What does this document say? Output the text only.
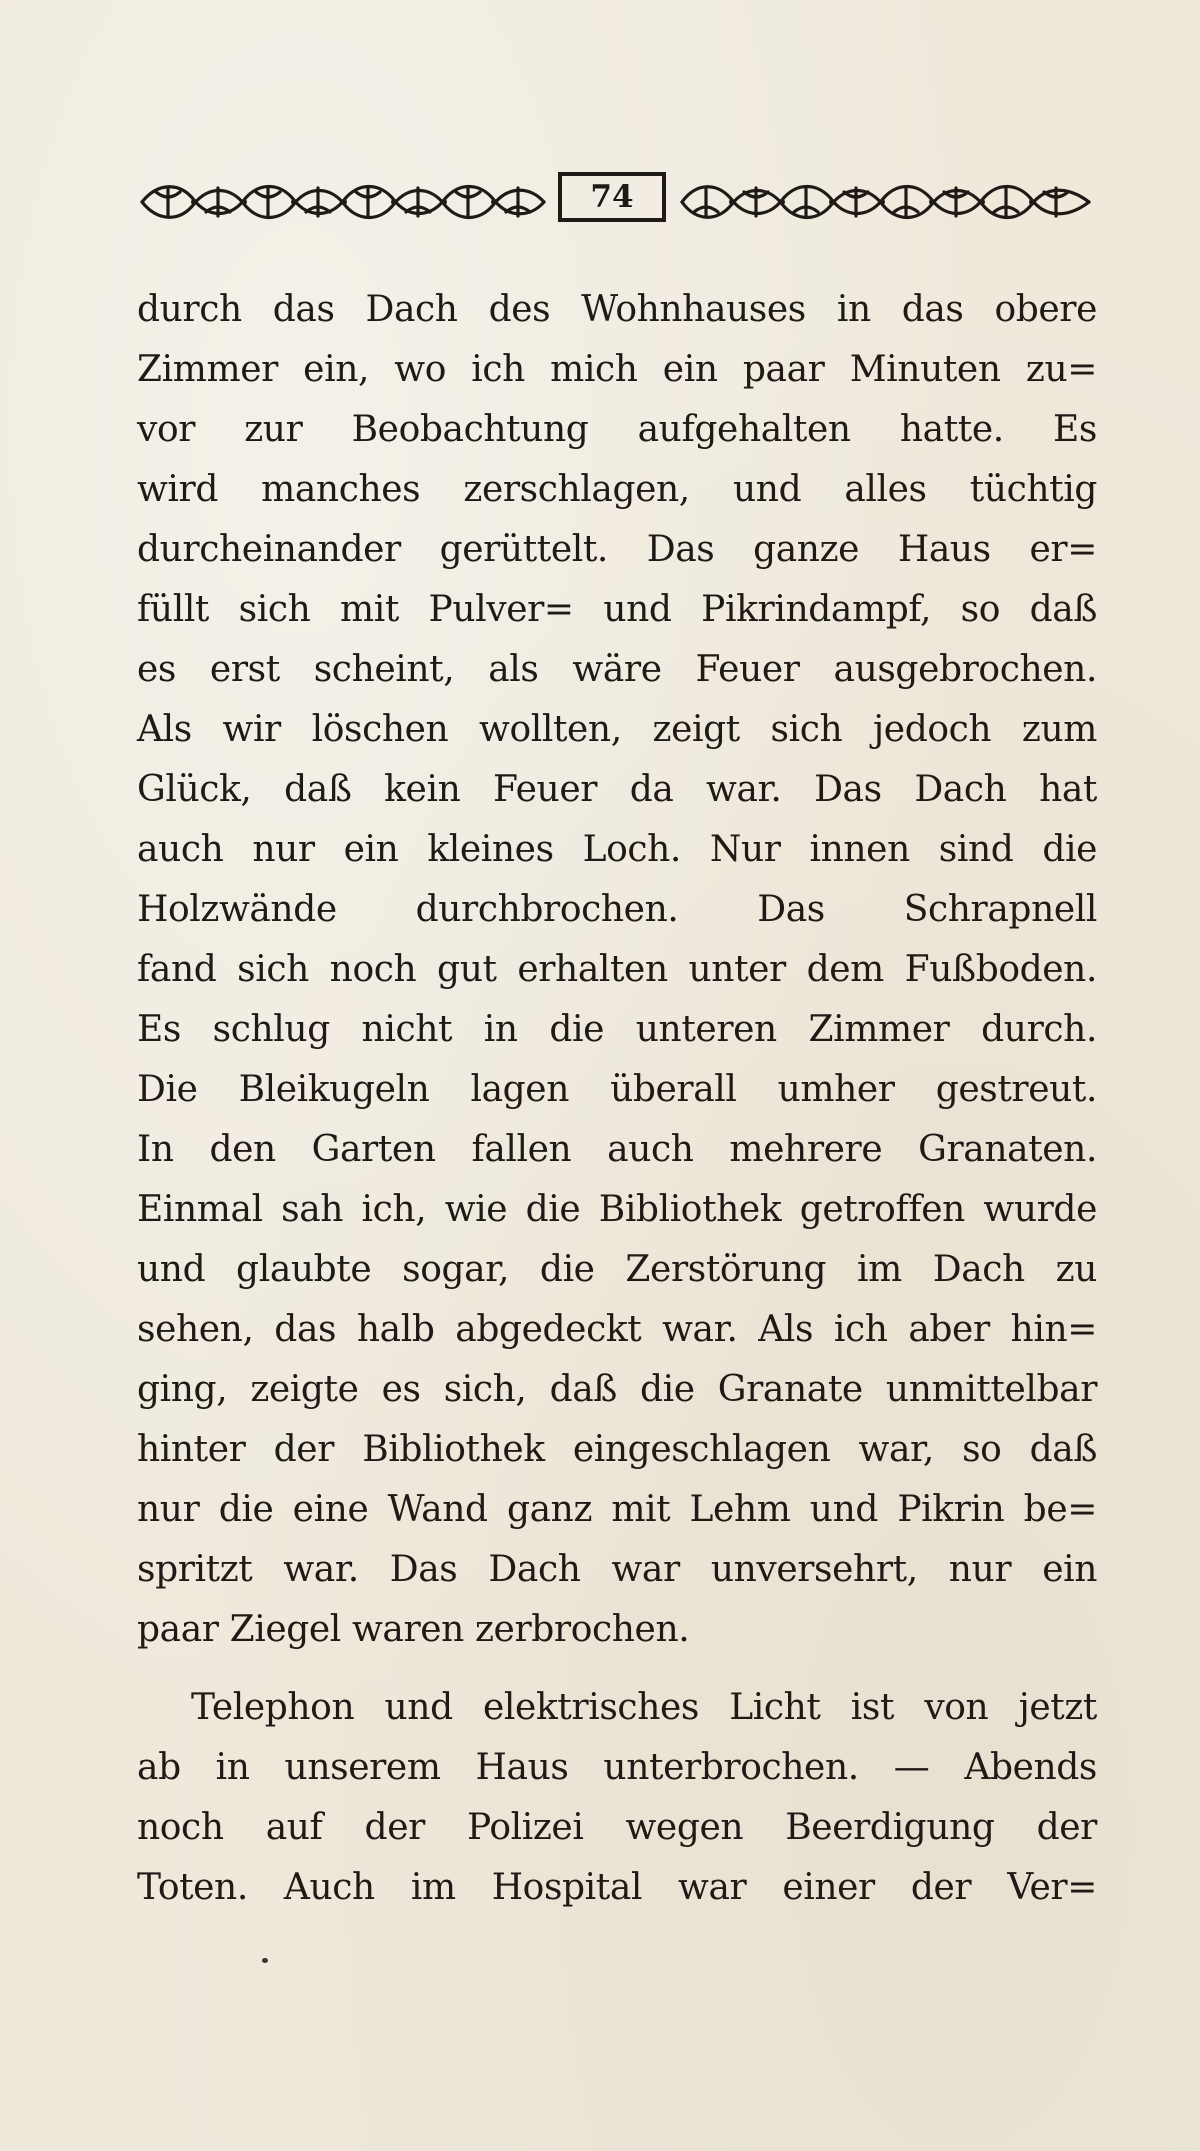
74
durch das Dach des Wohnhauses in das obere
Zimmer ein, wo ich mich ein paar Minuten zu=
vor zur Beobachtung aufgehalten hatte. Es
wird manches zerschlagen, und alles tüchtig
durcheinander gerüttelt. Das ganze Haus er=
füllt sich mit Pulver= und Pikrindampf, so daß
es erst scheint, als wäre Feuer ausgebrochen.
Als wir löschen wollten, zeigt sich jedoch zum
Glück, daß kein Feuer da war. Das Dach hat
auch nur ein kleines Loch. Nur innen sind die
Holzwände durchbrochen. Das Schrapnell
fand sich noch gut erhalten unter dem Fußboden.
Es schlug nicht in die unteren Zimmer durch.
Die Bleikugeln lagen überall umher gestreut.
In den Garten fallen auch mehrere Granaten.
Einmal sah ich, wie die Bibliothek getroffen wurde
und glaubte sogar, die Zerstörung im Dach zu
sehen, das halb abgedeckt war. Als ich aber hin=
ging, zeigte es sich, daß die Granate unmittelbar
hinter der Bibliothek eingeschlagen war, so daß
nur die eine Wand ganz mit Lehm und Pikrin be=
spritzt war. Das Dach war unversehrt, nur ein
paar Ziegel waren zerbrochen.
Telephon und elektrisches Licht ist von jetzt
ab in unserem Haus unterbrochen. — Abends
noch auf der Polizei wegen Beerdigung der
Toten. Auch im Hospital war einer der Ver=
